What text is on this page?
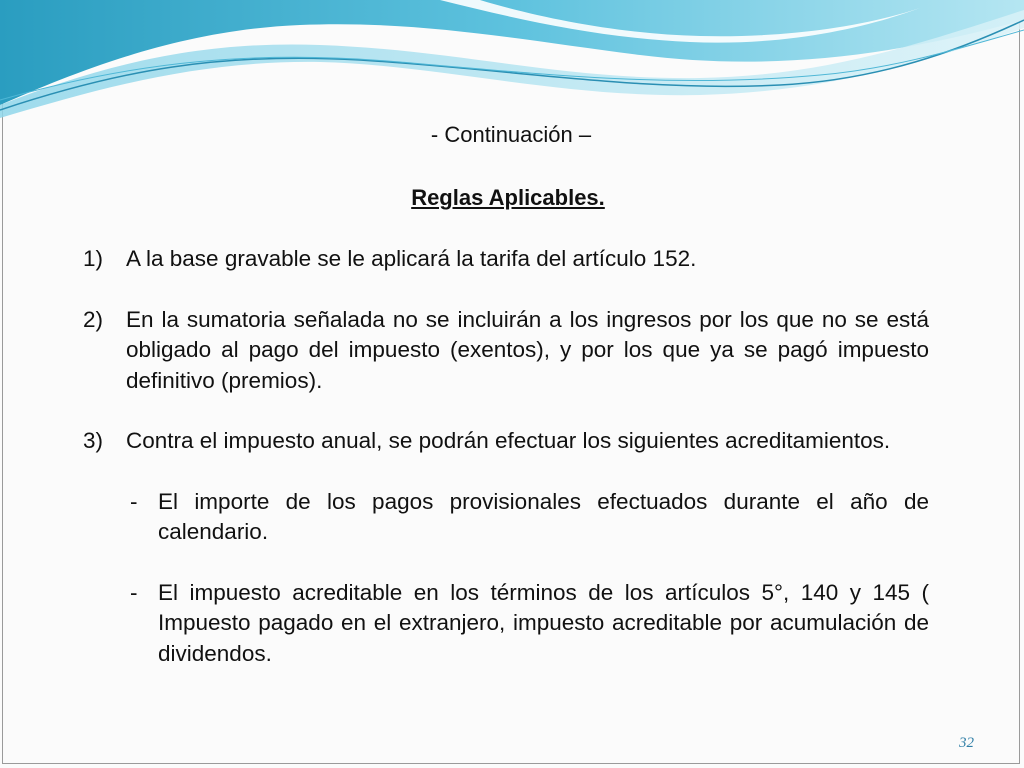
- Continuación –
Reglas Aplicables.
1) A la base gravable se le aplicará la tarifa del artículo 152.
2) En la sumatoria señalada no se incluirán a los ingresos por los que no se está obligado al pago del impuesto (exentos), y por los que ya se pagó impuesto definitivo (premios).
3) Contra el impuesto anual, se podrán efectuar los siguientes acreditamientos.
- El importe de los pagos provisionales efectuados durante el año de calendario.
- El impuesto acreditable en los términos de los artículos 5°, 140 y 145 ( Impuesto pagado en el extranjero, impuesto acreditable por acumulación de dividendos.
32
